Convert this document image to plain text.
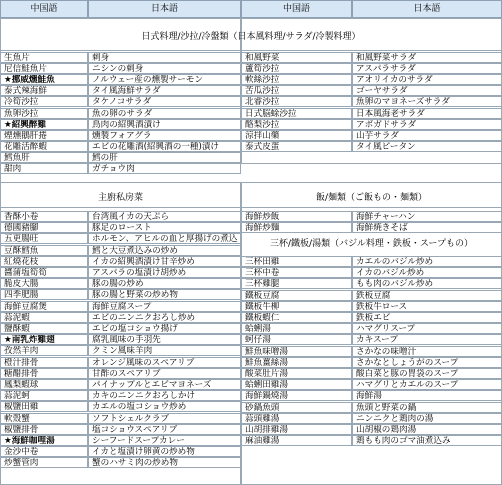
中国語	日本語	中国語	日本語
日式料理/沙拉/冷盤類（日本風料理/サラダ/冷製料理）
生魚片	刺身
尼信鮭魚片	ニシンの刺身
★挪威燻鮭魚	ノルウェー産の燻製サーモン
泰式辣海鮮	タイ風海鮮サラダ
冷筍沙拉	タケノコサラダ
魚卵沙拉	魚の卵のサラダ
★紹興醉雞	鳥肉の紹興酒漬け
煙燻鵝肝捲	燻製フォアグラ
花雕活醉蝦	エビの花雕酒(紹興酒の一種)漬け
鱈魚肝	鱈の肝
甜肉	ガチョウ肉
和風野菜	和風野菜サラダ
蘆筍沙拉	アスパラサラダ
軟絲沙拉	アオリイカのサラダ
苦瓜沙拉	ゴーヤサラダ
北睿沙拉	魚卵のマヨネーズサラダ
日式脳蜍沙拉	日本風海老サラダ
酪梨沙拉	アボガドサラダ
涼拌山藥	山芋サラダ
泰式皮蛋	タイ風ピータン
主廚私房菜	飯/麺類（ご飯もの・麺類）
香酥小卷	台湾風イカの天ぷら
德國豬腳	豚足のロースト
五更腸旺	ホルモン、アヒルの血と厚揚げの煮込
豆酥鱈魚	鱈と大豆煮込みの炒め
紅燒花枝	イカの紹興酒漬け甘辛炒め
醬蒲塩筍筍	アスパラの塩漬け胡炒め
脆皮大腸	豚の腸の炒め
四季肥腸	豚の腸と野菜の炒め物
海鮮豆腐煲	海鮮豆腐スープ
蒜泥蝦	エビのニンニクおろし炒め
鹽酥蝦	エビの塩コショウ揚げ
★南乳炸雞翅	腐乳風味の手羽先
孜然羊肉	クミン風味羊肉
橙汁排骨	オレンジ風味のスペアリブ
糖醋排骨	甘酢のスペアリブ
鳳梨蝦球	パイナップルとエビマヨネーズ
蒜泥蚵	カキのニンニクおろしかけ
椒鹽田雞	カエルの塩コショウ炒め
軟殼蟹	ソフトシェルクラブ
椒鹽排骨	塩コショウスペアリブ
★海鮮咖哩湯	シーフードスープカレー
金沙中卷	イカと塩漬け卵黄の炒め物
炒蟹管肉	蟹のハサミ肉の炒め物
海鮮炒飯	海鮮チャーハン
海鮮炒麵	海鮮焼きそば
三杯/鐵板/湯類（バジル料理・鉄板・スープもの）
三杯田雞	カエルのバジル炒め
三杯中卷	イカのバジル炒め
三杯雞腿	もも肉のバジル炒め
鐵板豆腐	鉄板豆腐
鐵板牛柳	鉄板牛ロース
鐵板蝦仁	鉄板エビ
蛤蜊湯	ハマグリスープ
蚵仔湯	カキスープ
鮮魚味噌湯	さかなの味噌汁
鮮魚薑絲湯	さかなとしょうがのスープ
酸菜肚片湯	酸白菜と豚の胃袋のスープ
蛤蜊田雞湯	ハマグリとカエルのスープ
海鮮鍋燒湯	海鮮湯
砂鍋魚頭	魚頭と野菜の鍋
蒜頭雞湯	ニンニクと鶏肉の湯
山胡排雞湯	山胡椒の鶏肉湯
麻油雞湯	鶏もも肉のゴマ油煮込み
